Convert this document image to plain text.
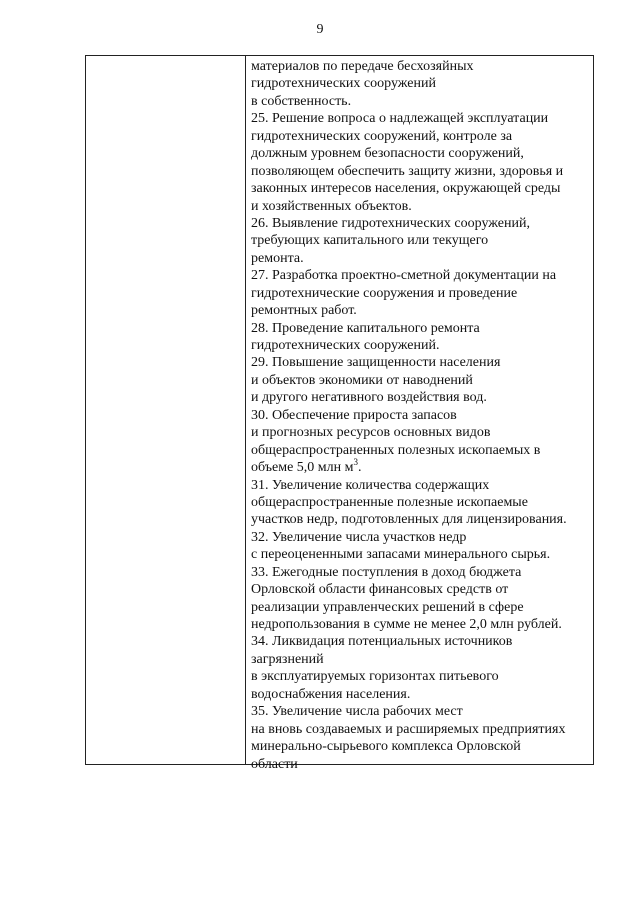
9
материалов по передаче бесхозяйных
гидротехнических сооружений
в собственность.
25. Решение вопроса о надлежащей эксплуатации
гидротехнических сооружений, контроле за
должным уровнем безопасности сооружений,
позволяющем обеспечить защиту жизни, здоровья и
законных интересов населения, окружающей среды
и хозяйственных объектов.
26. Выявление гидротехнических сооружений,
требующих капитального или текущего
ремонта.
27. Разработка проектно-сметной документации на
гидротехнические сооружения и проведение
ремонтных работ.
28. Проведение капитального ремонта
гидротехнических сооружений.
29. Повышение защищенности населения
и объектов экономики от наводнений
и другого негативного воздействия вод.
30. Обеспечение прироста запасов
и прогнозных ресурсов основных видов
общераспространенных полезных ископаемых в
объеме 5,0 млн $м^3$.
31. Увеличение количества содержащих
общераспространенные полезные ископаемые
участков недр, подготовленных для лицензирования.
32. Увеличение числа участков недр
с переоцененными запасами минерального сырья.
33. Ежегодные поступления в доход бюджета
Орловской области финансовых средств от
реализации управленческих решений в сфере
недропользования в сумме не менее 2,0 млн рублей.
34. Ликвидация потенциальных источников
загрязнений
в эксплуатируемых горизонтах питьевого
водоснабжения населения.
35. Увеличение числа рабочих мест
на вновь создаваемых и расширяемых предприятиях
минерально-сырьевого комплекса Орловской
области
